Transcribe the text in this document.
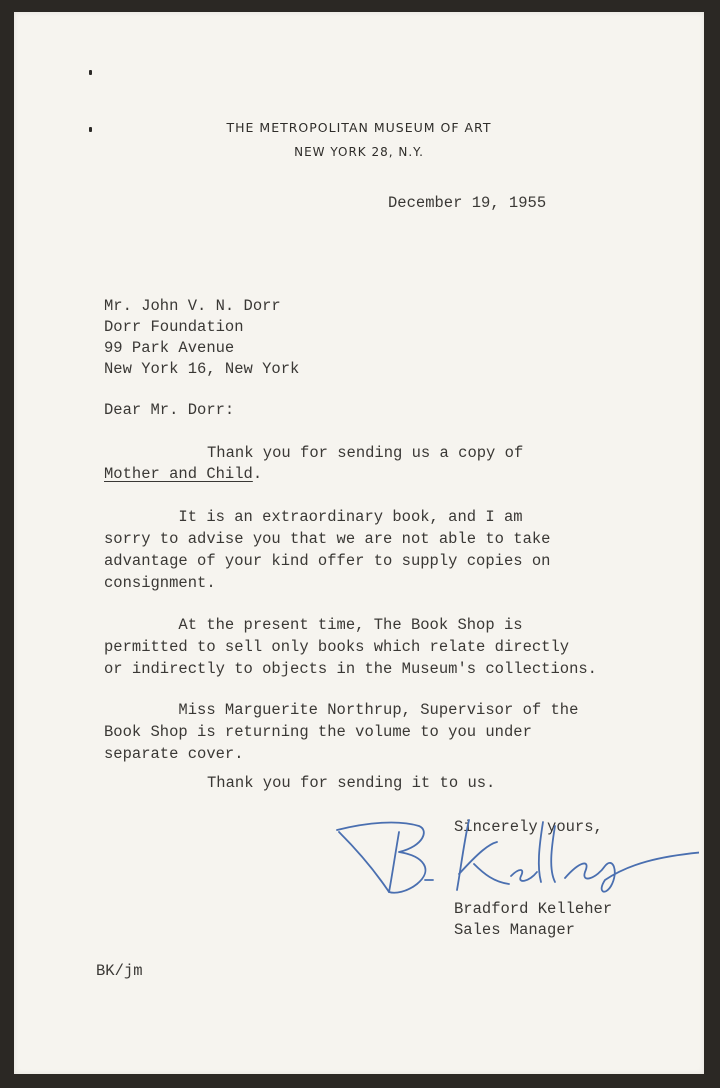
THE METROPOLITAN MUSEUM OF ART
NEW YORK 28, N.Y.

December 19, 1955

Mr. John V. N. Dorr

Dorr Foundation

99 Park Avenue

New York 16, New York

Dear Mr. Dorr:

Thank you for sending us a copy of

Mother and Child.

It is an extraordinary book, and I am
sorry to advise you that we are not able to take
advantage of your kind offer to supply copies on
consignment.

At the present time, The Book Shop is
permitted to sell only books which relate directly
or indirectly to objects in the Museum's collections.

Miss Marguerite Northrup, Supervisor of the
Book Shop is returning the volume to you under
separate cover.

Thank you for sending it to us.

Sincerely yours,

Bradford Kelleher

Sales Manager

BK/jm
